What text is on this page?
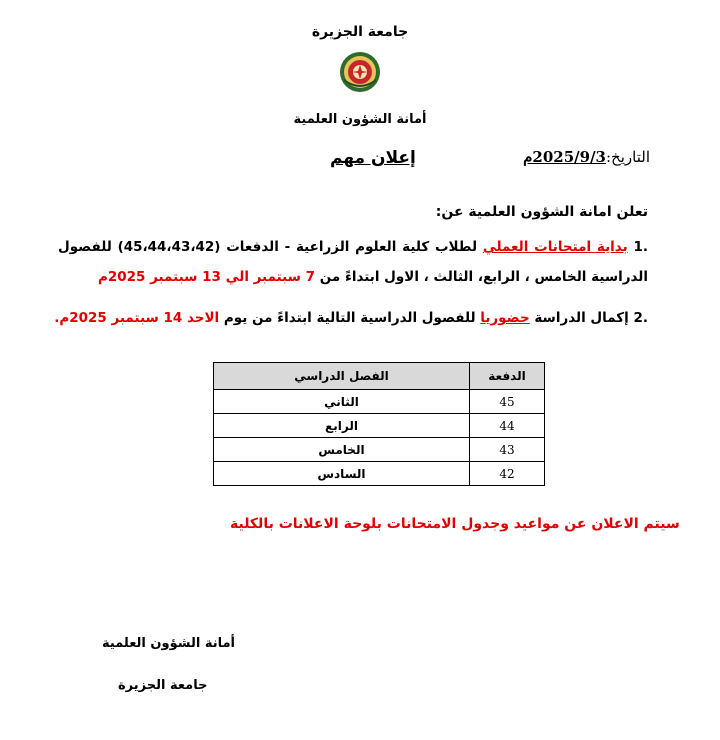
جامعة الجزيرة
أمانة الشؤون العلمية
التاريخ:2025/9/3م
إعلان مهم
تعلن امانة الشؤون العلمية عن:
.1 بداية امتحانات العملي لطلاب كلية العلوم الزراعية - الدفعات (45،44،43،42) للفصول الدراسية الخامس ، الرابع، الثالث ، الاول ابتداءً من 7 سبتمبر الي 13 سبتمبر 2025م
.2 إكمال الدراسة حضوريا للفصول الدراسية التالية ابتداءً من يوم الاحد 14 سبتمبر 2025م.
الدفعة	الفصل الدراسي
45	الثاني
44	الرابع
43	الخامس
42	السادس
سيتم الاعلان عن مواعيد وجدول الامتحانات بلوحة الاعلانات بالكلية
أمانة الشؤون العلمية
جامعة الجزيرة
